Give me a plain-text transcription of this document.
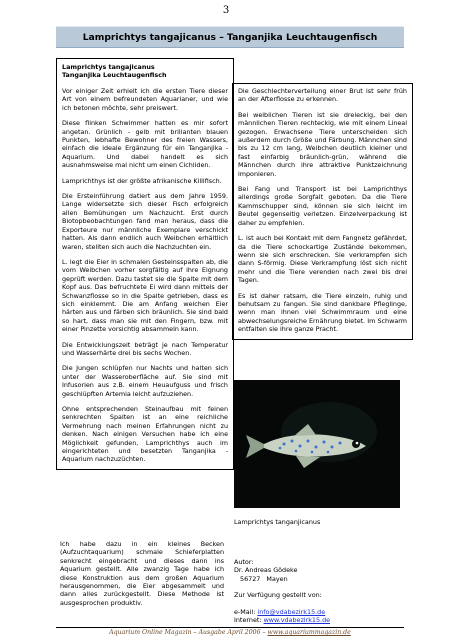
3
Lamprichtys tangajicanus – Tanganjika Leuchtaugenfisch
Lamprichtys tangajicanus
Tanganjika Leuchtaugenfisch

Vor einiger Zeit erhielt ich die ersten Tiere dieser Art von einem befreundeten Aquarianer, und wie ich betonen möchte, sehr preiswert.

Diese flinken Schwimmer hatten es mir sofort angetan. Grünlich - gelb mit brillanten blauen Punkten, lebhafte Bewohner des freien Wassers, einfach die ideale Ergänzung für ein Tanganjika - Aquarium. Und dabei handelt es sich ausnahmsweise mal nicht um einen Cichliden.

Lamprichthys ist der größte afrikanische Killifisch.

Die Ersteinführung datiert aus dem Jahre 1959. Lange widersetzte sich dieser Fisch erfolgreich allen Bemühungen um Nachzucht. Erst durch Biotopbeobachtungen fand man heraus, dass die Exporteure nur männliche Exemplare verschickt hatten. Als dann endlich auch Weibchen erhältlich waren, stellten sich auch die Nachzuchten ein.

L. legt die Eier in schmalen Gesteinsspalten ab, die vom Weibchen vorher sorgfältig auf ihre Eignung geprüft werden. Dazu tastet sie die Spalte mit dem Kopf aus. Das befruchtete Ei wird dann mittels der Schwanzflosse so in die Spalte getrieben, dass es sich einklemmt. Die am Anfang weichen Eier härten aus und färben sich bräunlich. Sie sind bald so hart, dass man sie mit den Fingern, bzw. mit einer Pinzette vorsichtig absammeln kann.

Die Entwicklungszeit beträgt je nach Temperatur und Wasserhärte drei bis sechs Wochen.

Die Jungen schlüpfen nur Nachts und halten sich unter der Wasseroberfläche auf. Sie sind mit Infusorien aus z.B. einem Heuaufguss und frisch geschlüpften Artemia leicht aufzuziehen.

Ohne entsprechenden Steinaufbau mit feinen senkrechten Spalten ist an eine reichliche Vermehrung nach meinen Erfahrungen nicht zu denken. Nach einigen Versuchen habe ich eine Möglichkeit gefunden, Lamprichthys auch im eingerichteten und besetzten Tanganjika - Aquarium nachzuzüchten.

Ich habe dazu in ein kleines Becken (Aufzuchtaquarium) schmale Schieferplatten senkrecht eingebracht und dieses dann ins Aquarium gestellt. Alle zwanzig Tage habe ich diese Konstruktion aus dem großen Aquarium herausgenommen, die Eier abgesammelt und dann alles zurückgestellt. Diese Methode ist ausgesprochen produktiv.

Die Geschlechterverteilung einer Brut ist sehr früh an der Afterflosse zu erkennen.

Bei weiblichen Tieren ist sie dreieckig, bei den männlichen Tieren rechteckig, wie mit einem Lineal gezogen. Erwachsene Tiere unterscheiden sich außerdem durch Größe und Färbung. Männchen sind bis zu 12 cm lang, Weibchen deutlich kleiner und fast einfarbig bräunlich-grün, während die Männchen durch ihre attraktive Punktzeichnung imponieren.

Bei Fang und Transport ist bei Lamprichthys allerdings große Sorgfalt geboten. Da die Tiere Kammschupper sind, können sie sich leicht im Beutel gegenseitig verletzen. Einzelverpackung ist daher zu empfehlen.

L. ist auch bei Kontakt mit dem Fangnetz gefährdet, da die Tiere schockartige Zustände bekommen, wenn sie sich erschrecken. Sie verkrampfen sich dann S-förmig. Diese Verkrampfung löst sich nicht mehr und die Tiere verenden nach zwei bis drei Tagen.

Es ist daher ratsam, die Tiere einzeln, ruhig und behutsam zu fangen. Sie sind dankbare Pfleglinge, wenn man ihnen viel Schwimmraum und eine abwechselungsreiche Ernährung bietet. Im Schwarm entfalten sie ihre ganze Pracht.

Lamprichtys tanganjicanus
Autor:
Dr. Andreas Gödeke
56727   Mayen
Zur Verfügung gestellt von:
e-Mail: info@vdabezirk15.de
Internet: www.vdabezirk15.de
Aquarium Online Magazin – Ausgabe April 2006 – www.aquariummagazin.de
